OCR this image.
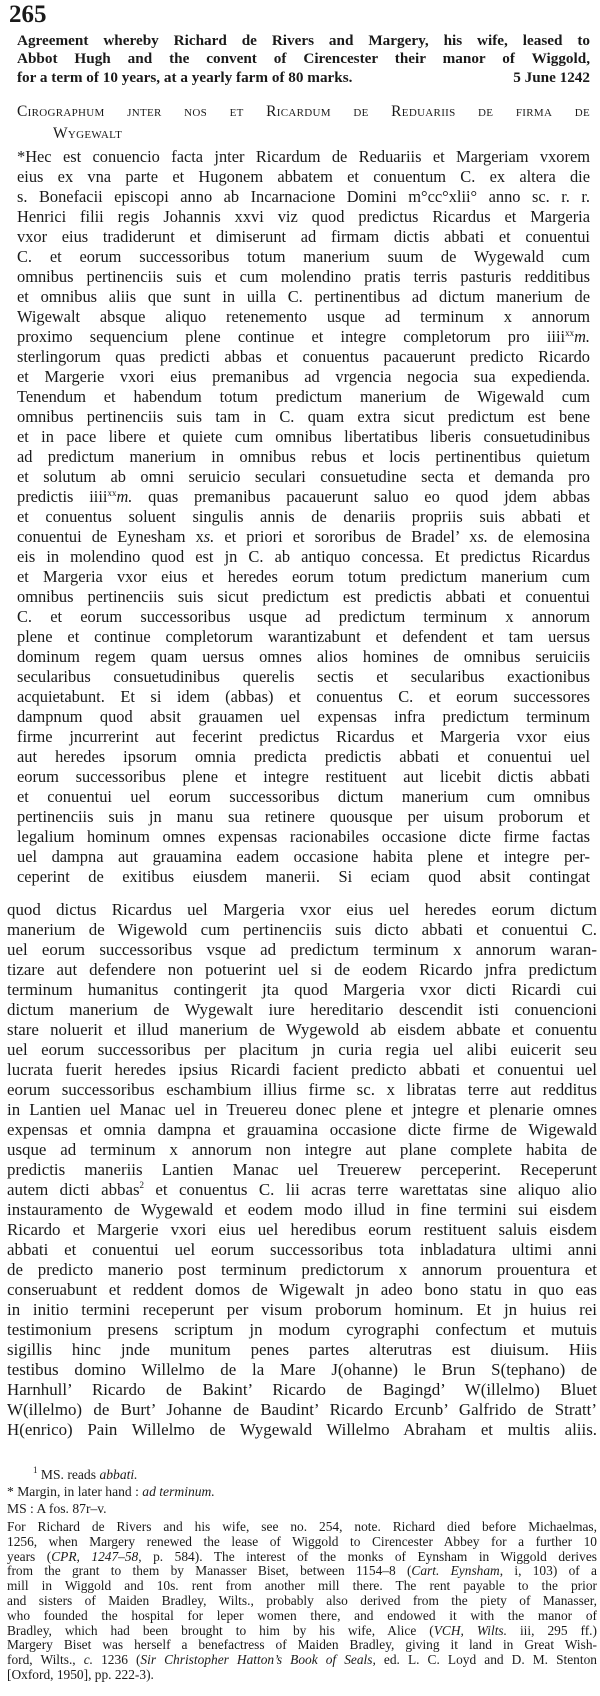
265
Agreement whereby Richard de Rivers and Margery, his wife, leased to
Abbot Hugh and the convent of Cirencester their manor of Wiggold,
for a term of 10 years, at a yearly farm of 80 marks.	5 June 1242
Cirographum jnter nos et Ricardum de Reduariis de firma de
Wygewalt
*Hec est conuencio facta jnter Ricardum de Reduariis et Margeriam vxorem
eius ex vna parte et Hugonem abbatem et conuentum C. ex altera die
s. Bonefacii episcopi anno ab Incarnacione Domini m°cc°xlii° anno sc. r. r.
Henrici filii regis Johannis xxvi viz quod predictus Ricardus et Margeria
vxor eius tradiderunt et dimiserunt ad firmam dictis abbati et conuentui
C. et eorum successoribus totum manerium suum de Wygewald cum
omnibus pertinenciis suis et cum molendino pratis terris pasturis redditibus
et omnibus aliis que sunt in uilla C. pertinentibus ad dictum manerium de
Wigewalt absque aliquo retenemento usque ad terminum x annorum
proximo sequencium plene continue et integre completorum pro iiii$^{xx}$m.
sterlingorum quas predicti abbas et conuentus pacauerunt predicto Ricardo
et Margerie vxori eius premanibus ad vrgencia negocia sua expedienda.
Tenendum et habendum totum predictum manerium de Wigewald cum
omnibus pertinenciis suis tam in C. quam extra sicut predictum est bene
et in pace libere et quiete cum omnibus libertatibus liberis consuetudinibus
ad predictum manerium in omnibus rebus et locis pertinentibus quietum
et solutum ab omni seruicio seculari consuetudine secta et demanda pro
predictis iiii$^{xx}$m. quas premanibus pacauerunt saluo eo quod jdem abbas
et conuentus soluent singulis annis de denariis propriis suis abbati et
conuentui de Eynesham xs. et priori et sororibus de Bradel’ xs. de elemosina
eis in molendino quod est jn C. ab antiquo concessa. Et predictus Ricardus
et Margeria vxor eius et heredes eorum totum predictum manerium cum
omnibus pertinenciis suis sicut predictum est predictis abbati et conuentui
C. et eorum successoribus usque ad predictum terminum x annorum
plene et continue completorum warantizabunt et defendent et tam uersus
dominum regem quam uersus omnes alios homines de omnibus seruiciis
secularibus consuetudinibus querelis sectis et secularibus exactionibus
acquietabunt. Et si idem (abbas) et conuentus C. et eorum successores
dampnum quod absit grauamen uel expensas infra predictum terminum
firme jncurrerint aut fecerint predictus Ricardus et Margeria vxor eius
aut heredes ipsorum omnia predicta predictis abbati et conuentui uel
eorum successoribus plene et integre restituent aut licebit dictis abbati
et conuentui uel eorum successoribus dictum manerium cum omnibus
pertinenciis suis jn manu sua retinere quousque per uisum proborum et
legalium hominum omnes expensas racionabiles occasione dicte firme factas
uel dampna aut grauamina eadem occasione habita plene et integre per-
ceperint de exitibus eiusdem manerii. Si eciam quod absit contingat
quod dictus Ricardus uel Margeria vxor eius uel heredes eorum dictum
manerium de Wigewold cum pertinenciis suis dicto abbati et conuentui C.
uel eorum successoribus vsque ad predictum terminum x annorum waran-
tizare aut defendere non potuerint uel si de eodem Ricardo jnfra predictum
terminum humanitus contingerit jta quod Margeria vxor dicti Ricardi cui
dictum manerium de Wygewalt iure hereditario descendit isti conuencioni
stare noluerit et illud manerium de Wygewold ab eisdem abbate et conuentu
uel eorum successoribus per placitum jn curia regia uel alibi euicerit seu
lucrata fuerit heredes ipsius Ricardi facient predicto abbati et conuentui uel
eorum successoribus eschambium illius firme sc. x libratas terre aut redditus
in Lantien uel Manac uel in Treuereu donec plene et jntegre et plenarie omnes
expensas et omnia dampna et grauamina occasione dicte firme de Wigewald
usque ad terminum x annorum non integre aut plane complete habita de
predictis maneriis Lantien Manac uel Treuerew perceperint. Receperunt
autem dicti abbas$^2$ et conuentus C. lii acras terre warettatas sine aliquo alio
instauramento de Wygewald et eodem modo illud in fine termini sui eisdem
Ricardo et Margerie vxori eius uel heredibus eorum restituent saluis eisdem
abbati et conuentui uel eorum successoribus tota inbladatura ultimi anni
de predicto manerio post terminum predictorum x annorum prouentura et
conseruabunt et reddent domos de Wigewalt jn adeo bono statu in quo eas
in initio termini receperunt per visum proborum hominum. Et jn huius rei
testimonium presens scriptum jn modum cyrographi confectum et mutuis
sigillis hinc jnde munitum penes partes alterutras est diuisum. Hiis
testibus domino Willelmo de la Mare J(ohanne) le Brun S(tephano) de
Harnhull’ Ricardo de Bakint’ Ricardo de Bagingd’ W(illelmo) Bluet
W(illelmo) de Burt’ Johanne de Baudint’ Ricardo Ercunb’ Galfrido de Stratt’
H(enrico) Pain Willelmo de Wygewald Willelmo Abraham et multis aliis.
$^1$ MS. reads abbati.
* Margin, in later hand : ad terminum.
MS : A fos. 87r–v.
For Richard de Rivers and his wife, see no. 254, note. Richard died before Michaelmas,
1256, when Margery renewed the lease of Wiggold to Cirencester Abbey for a further 10
years (CPR, 1247–58, p. 584). The interest of the monks of Eynsham in Wiggold derives
from the grant to them by Manasser Biset, between 1154–8 (Cart. Eynsham, i, 103) of a
mill in Wiggold and 10s. rent from another mill there. The rent payable to the prior
and sisters of Maiden Bradley, Wilts., probably also derived from the piety of Manasser,
who founded the hospital for leper women there, and endowed it with the manor of
Bradley, which had been brought to him by his wife, Alice (VCH, Wilts. iii, 295 ff.)
Margery Biset was herself a benefactress of Maiden Bradley, giving it land in Great Wish-
ford, Wilts., c. 1236 (Sir Christopher Hatton’s Book of Seals, ed. L. C. Loyd and D. M. Stenton
[Oxford, 1950], pp. 222-3).
